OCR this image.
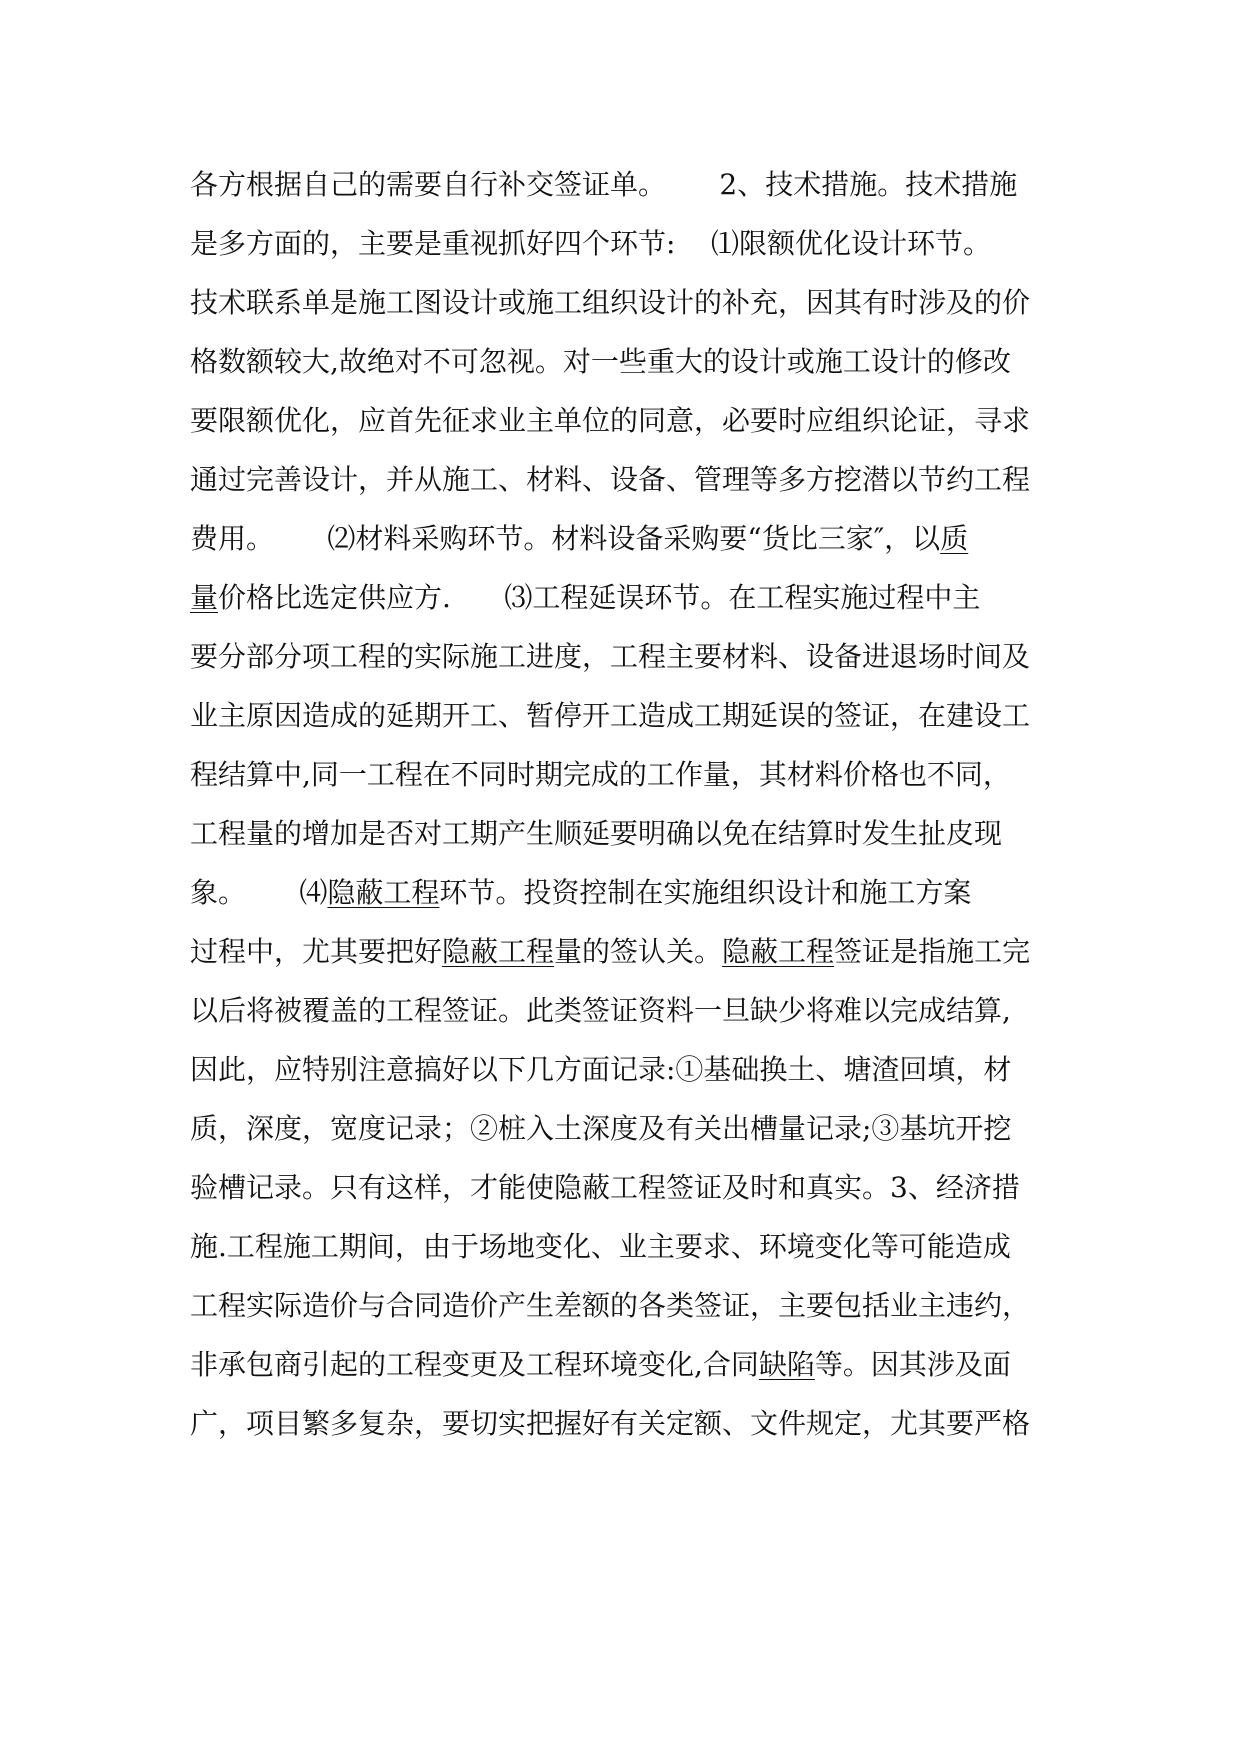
各方根据自己的需要自行补交签证单。      2、技术措施。技术措施
是多方面的，主要是重视抓好四个环节:    ⑴限额优化设计环节。
技术联系单是施工图设计或施工组织设计的补充，因其有时涉及的价
格数额较大,故绝对不可忽视。对一些重大的设计或施工设计的修改
要限额优化，应首先征求业主单位的同意，必要时应组织论证，寻求
通过完善设计，并从施工、材料、设备、管理等多方挖潜以节约工程
费用。      ⑵材料采购环节。材料设备采购要“货比三家″，以质
量价格比选定供应方.      ⑶工程延误环节。在工程实施过程中主
要分部分项工程的实际施工进度，工程主要材料、设备进退场时间及
业主原因造成的延期开工、暂停开工造成工期延误的签证，在建设工
程结算中,同一工程在不同时期完成的工作量，其材料价格也不同，
工程量的增加是否对工期产生顺延要明确以免在结算时发生扯皮现
象。      ⑷隐蔽工程环节。投资控制在实施组织设计和施工方案
过程中，尤其要把好隐蔽工程量的签认关。隐蔽工程签证是指施工完
以后将被覆盖的工程签证。此类签证资料一旦缺少将难以完成结算,
因此，应特别注意搞好以下几方面记录:①基础换土、塘渣回填，材
质，深度，宽度记录；②桩入土深度及有关出槽量记录;③基坑开挖
验槽记录。只有这样，才能使隐蔽工程签证及时和真实。3、经济措
施.工程施工期间，由于场地变化、业主要求、环境变化等可能造成
工程实际造价与合同造价产生差额的各类签证，主要包括业主违约，
非承包商引起的工程变更及工程环境变化,合同缺陷等。因其涉及面
广，项目繁多复杂，要切实把握好有关定额、文件规定，尤其要严格
